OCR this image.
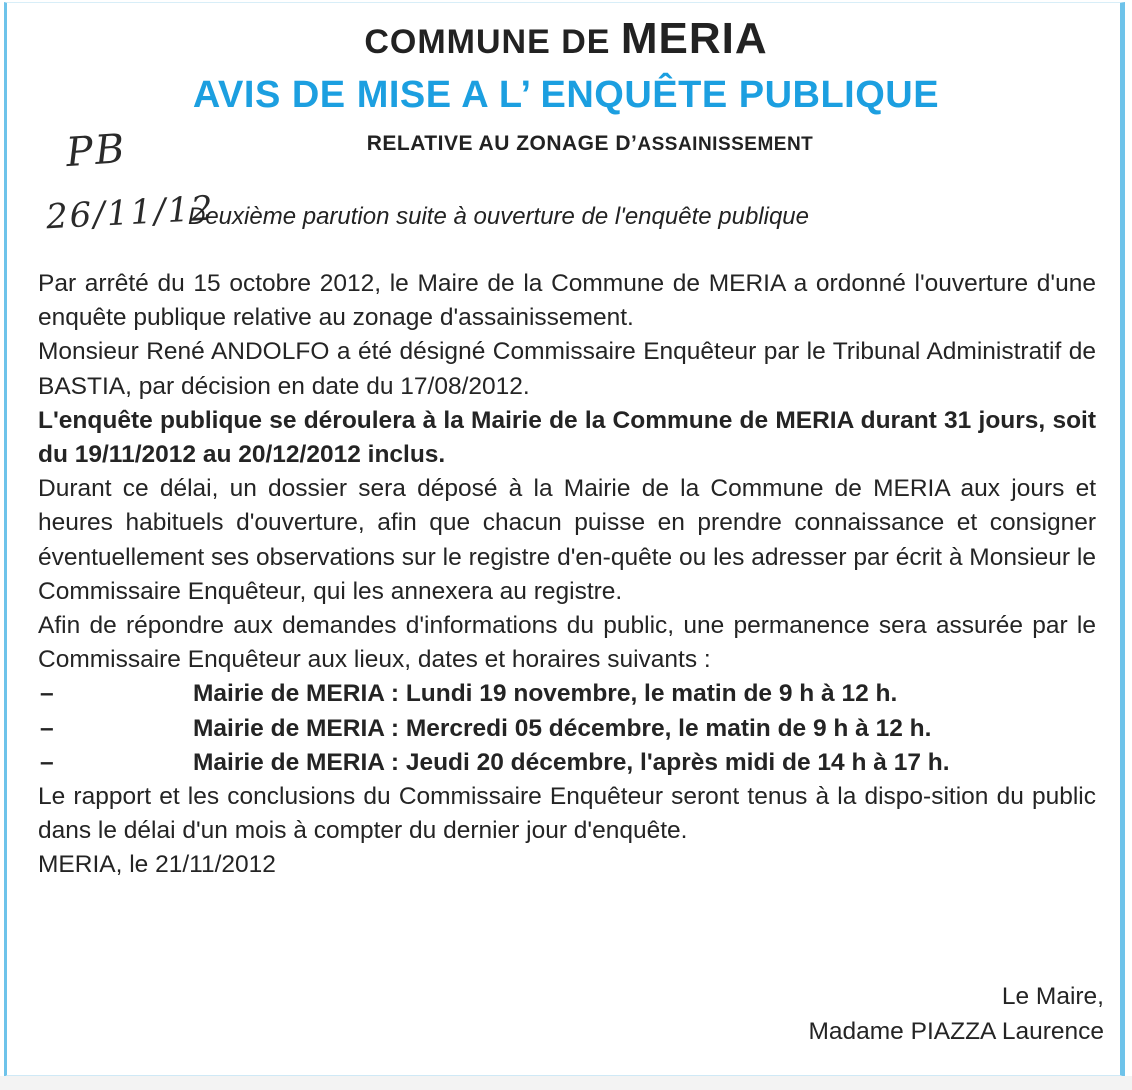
COMMUNE DE MERIA
AVIS DE MISE A L’ ENQUÊTE PUBLIQUE
RELATIVE AU ZONAGE D’ASSAINISSEMENT
PB
26/11/12
Deuxième parution suite à ouverture de l'enquête publique

Par arrêté du 15 octobre 2012, le Maire de la Commune de MERIA a ordonné l'ouverture d'une enquête publique relative au zonage d'assainissement.

Monsieur René ANDOLFO a été désigné Commissaire Enquêteur par le Tribunal Administratif de BASTIA, par décision en date du 17/08/2012.

L'enquête publique se déroulera à la Mairie de la Commune de MERIA durant 31 jours, soit du 19/11/2012 au 20/12/2012 inclus.

Durant ce délai, un dossier sera déposé à la Mairie de la Commune de MERIA aux jours et heures habituels d'ouverture, afin que chacun puisse en prendre connaissance et consigner éventuellement ses observations sur le registre d'en-quête ou les adresser par écrit à Monsieur le Commissaire Enquêteur, qui les annexera au registre.

Afin de répondre aux demandes d'informations du public, une permanence sera assurée par le Commissaire Enquêteur aux lieux, dates et horaires suivants :

–	Mairie de MERIA : Lundi 19 novembre, le matin de 9 h à 12 h.
–	Mairie de MERIA : Mercredi 05 décembre, le matin de 9 h à 12 h.
–	Mairie de MERIA : Jeudi 20 décembre, l'après midi de 14 h à 17 h.

Le rapport et les conclusions du Commissaire Enquêteur seront tenus à la dispo-sition du public dans le délai d'un mois à compter du dernier jour d'enquête.

MERIA, le 21/11/2012

Le Maire,
Madame PIAZZA Laurence
